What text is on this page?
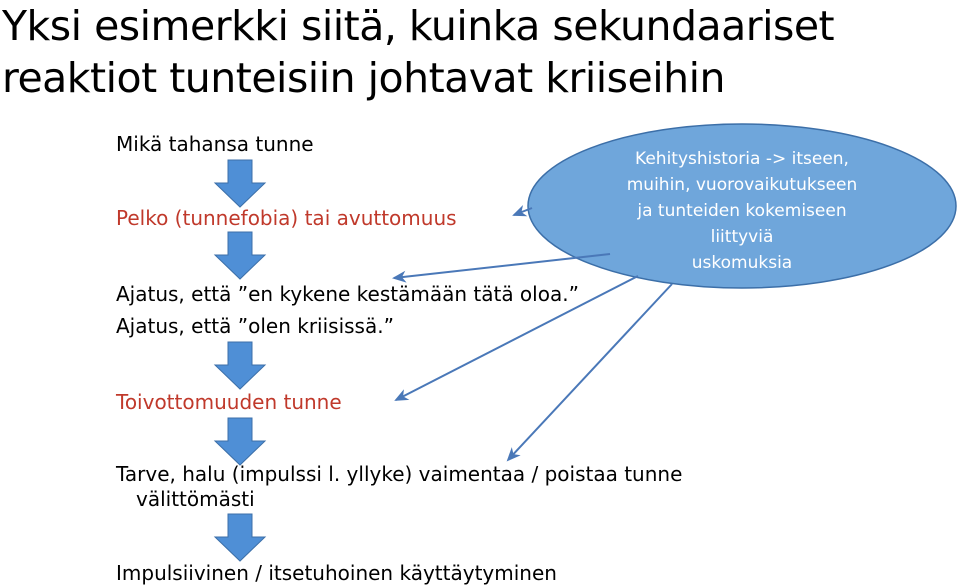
Yksi esimerkki siitä, kuinka sekundaariset
reaktiot tunteisiin johtavat kriiseihin
Kehityshistoria -> itseen,
muihin, vuorovaikutukseen
ja tunteiden kokemiseen
liittyviä
uskomuksia
Mikä tahansa tunne
Pelko (tunnefobia) tai avuttomuus
Ajatus, että ”en kykene kestämään tätä oloa.”
Ajatus, että ”olen kriisissä.”
Toivottomuuden tunne
Tarve, halu (impulssi l. yllyke) vaimentaa / poistaa tunne
välittömästi
Impulsiivinen / itsetuhoinen käyttäytyminen
